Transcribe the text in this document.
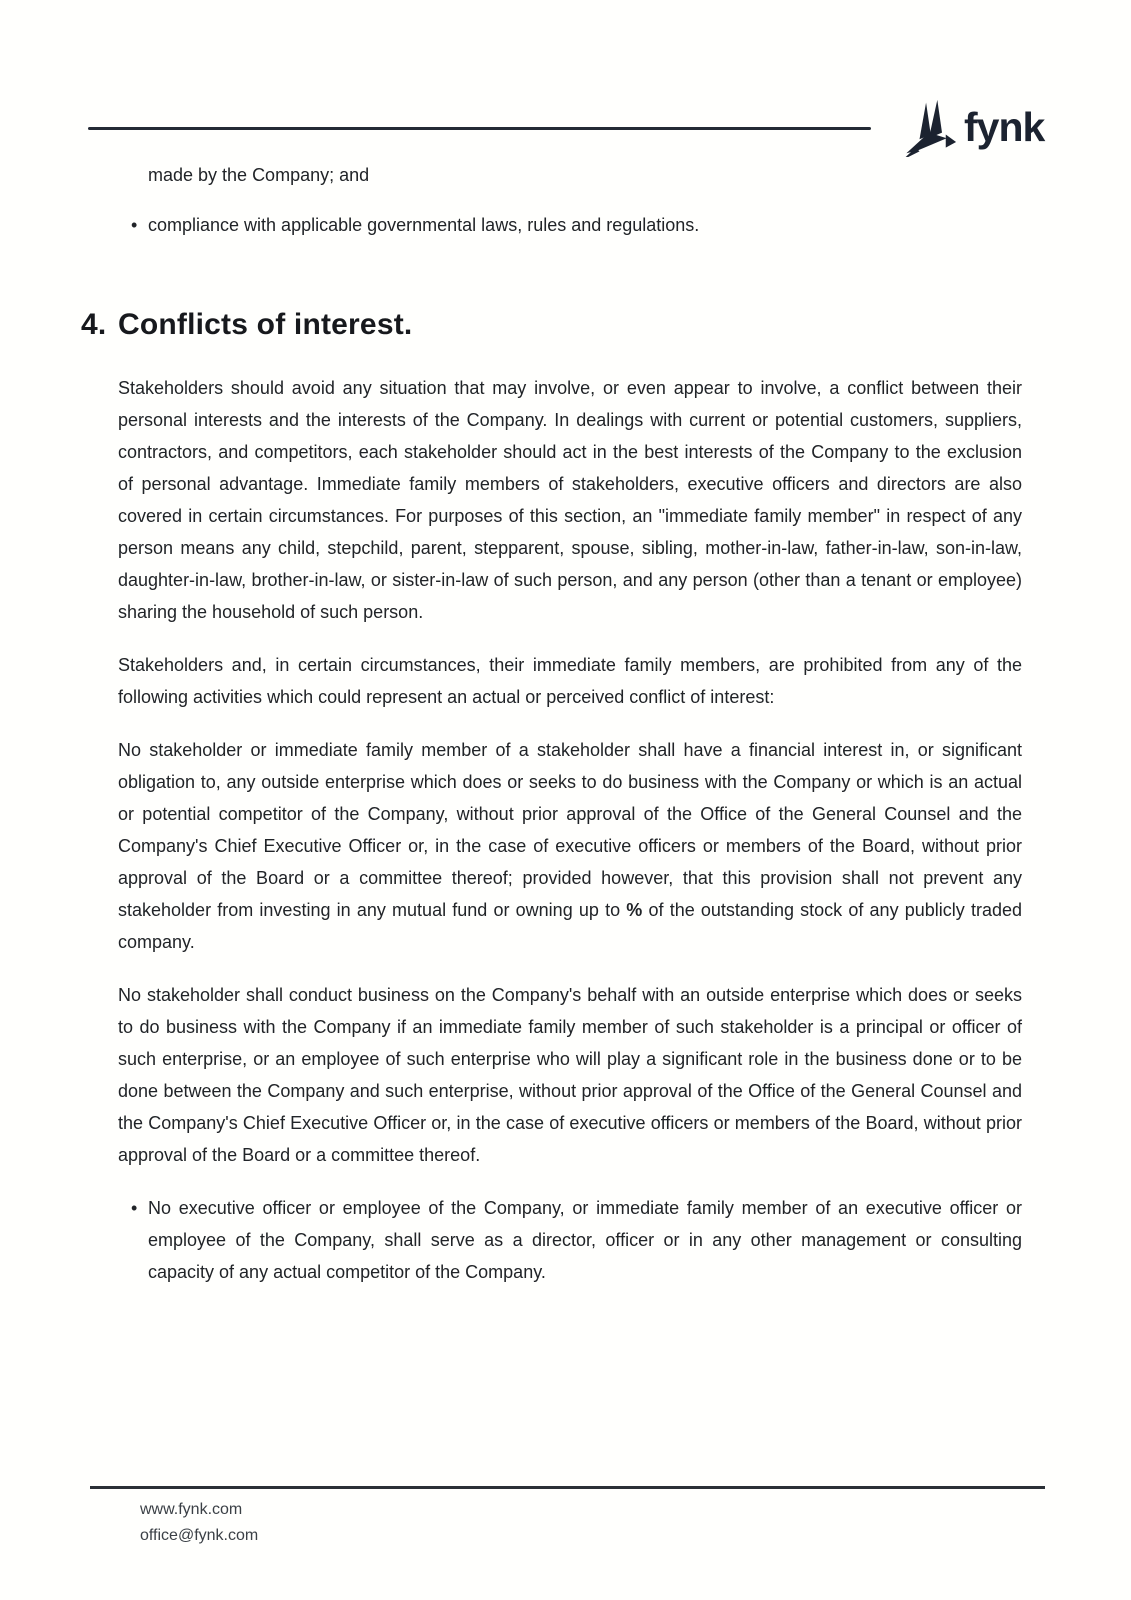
fynk

made by the Company; and

• compliance with applicable governmental laws, rules and regulations.

4. Conflicts of interest.

Stakeholders should avoid any situation that may involve, or even appear to involve, a conflict between their personal interests and the interests of the Company. In dealings with current or potential customers, suppliers, contractors, and competitors, each stakeholder should act in the best interests of the Company to the exclusion of personal advantage. Immediate family members of stakeholders, executive officers and directors are also covered in certain circumstances. For purposes of this section, an "immediate family member" in respect of any person means any child, stepchild, parent, stepparent, spouse, sibling, mother-in-law, father-in-law, son-in-law, daughter-in-law, brother-in-law, or sister-in-law of such person, and any person (other than a tenant or employee) sharing the household of such person.

Stakeholders and, in certain circumstances, their immediate family members, are prohibited from any of the following activities which could represent an actual or perceived conflict of interest:

No stakeholder or immediate family member of a stakeholder shall have a financial interest in, or significant obligation to, any outside enterprise which does or seeks to do business with the Company or which is an actual or potential competitor of the Company, without prior approval of the Office of the General Counsel and the Company's Chief Executive Officer or, in the case of executive officers or members of the Board, without prior approval of the Board or a committee thereof; provided however, that this provision shall not prevent any stakeholder from investing in any mutual fund or owning up to % of the outstanding stock of any publicly traded company.

No stakeholder shall conduct business on the Company's behalf with an outside enterprise which does or seeks to do business with the Company if an immediate family member of such stakeholder is a principal or officer of such enterprise, or an employee of such enterprise who will play a significant role in the business done or to be done between the Company and such enterprise, without prior approval of the Office of the General Counsel and the Company's Chief Executive Officer or, in the case of executive officers or members of the Board, without prior approval of the Board or a committee thereof.

• No executive officer or employee of the Company, or immediate family member of an executive officer or employee of the Company, shall serve as a director, officer or in any other management or consulting capacity of any actual competitor of the Company.

www.fynk.com
office@fynk.com
